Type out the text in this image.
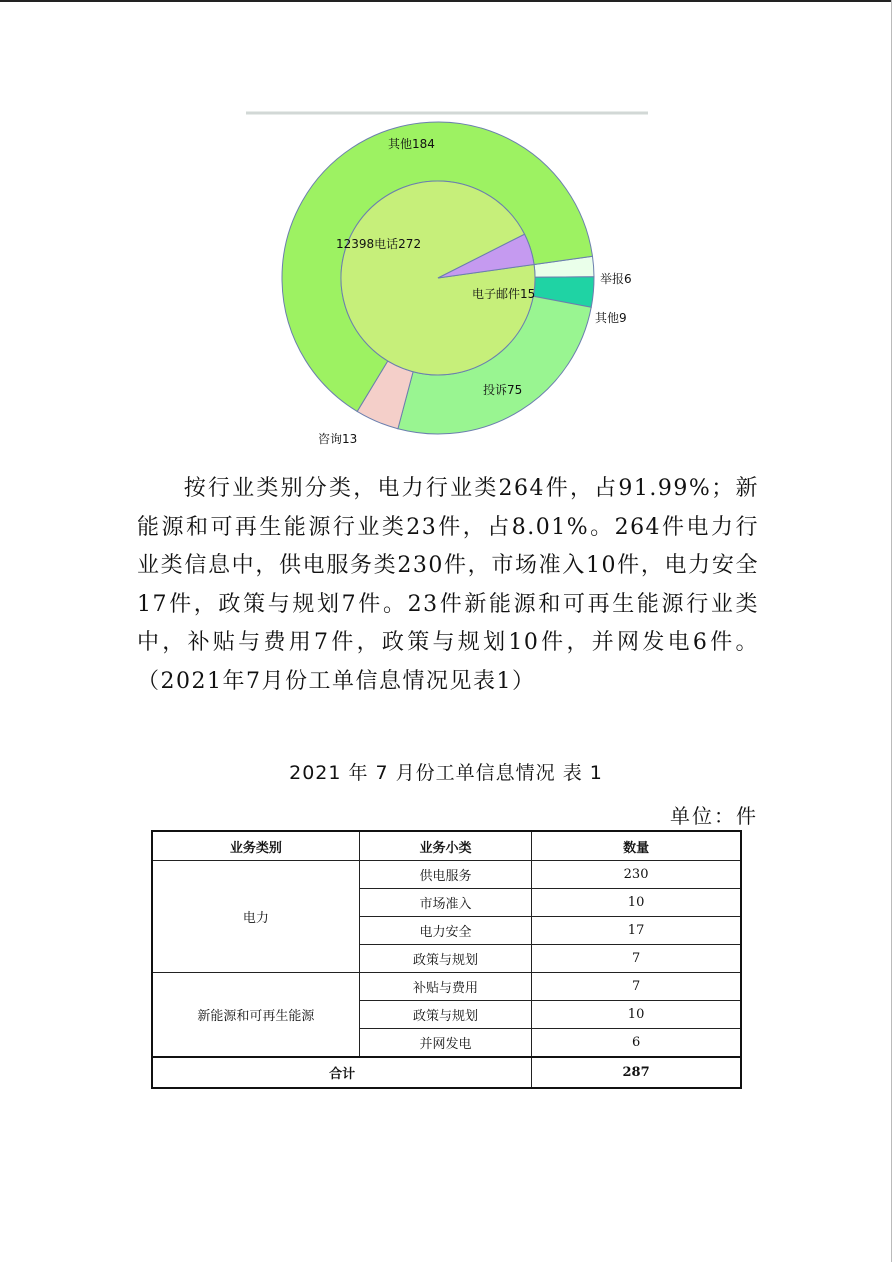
举报6
其他9
投诉75
咨询13
其他184
12398电话272
电子邮件15
按行业类别分类，电力行业类264件，占91.99%；新能源和可再生能源行业类23件，占8.01%。264件电力行业类信息中，供电服务类230件，市场准入10件，电力安全17件，政策与规划7件。23件新能源和可再生能源行业类中，补贴与费用7件，政策与规划10件，并网发电6件。（2021年7月份工单信息情况见表1）
2021 年 7 月份工单信息情况 表 1
单位：件
业务类别	业务小类	数量
电力	供电服务	230
	市场准入	10
	电力安全	17
	政策与规划	7
新能源和可再生能源	补贴与费用	7
	政策与规划	10
	并网发电	6
合计		287
